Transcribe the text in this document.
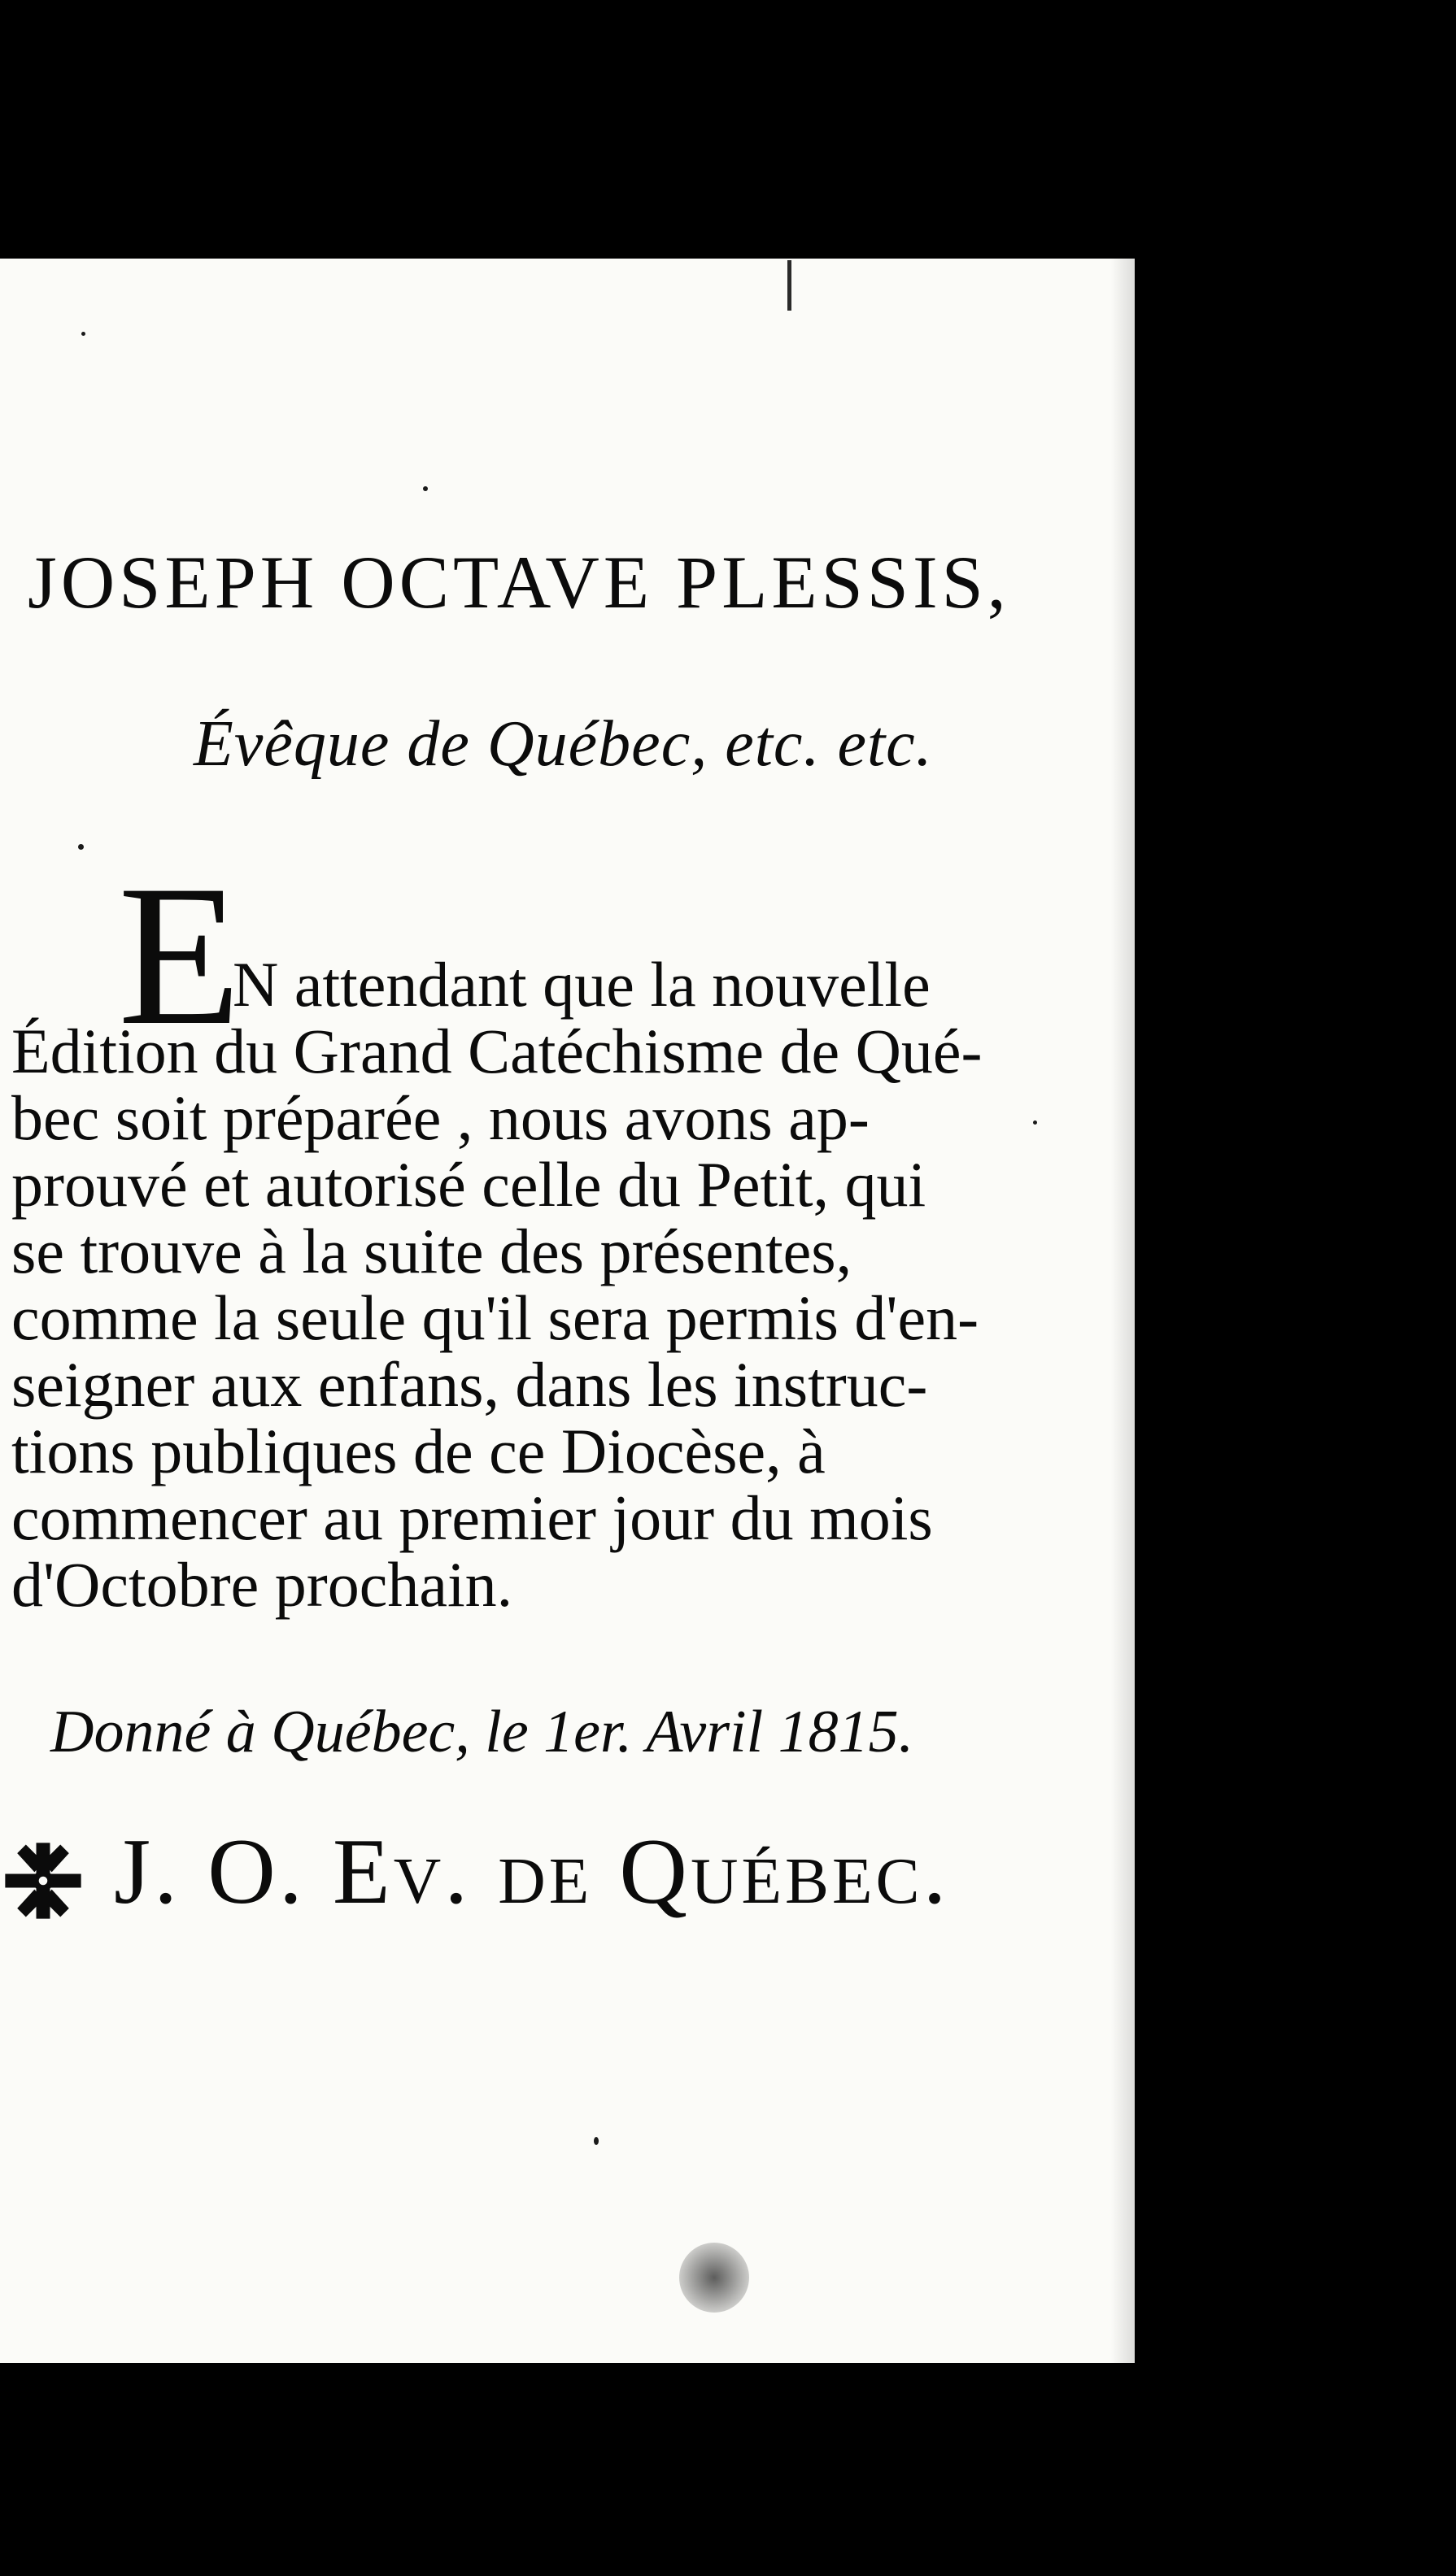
JOSEPH OCTAVE PLESSIS,
Évêque de Québec, etc. etc.
E
N attendant que la nouvelle
Édition du Grand Catéchisme de Qué-
bec soit préparée , nous avons ap-
prouvé et autorisé celle du Petit, qui
se trouve à la suite des présentes,
comme la seule qu'il sera permis d'en-
seigner aux enfans, dans les instruc-
tions publiques de ce Diocèse, à
commencer au premier jour du mois
d'Octobre prochain.
Donné à Québec, le 1er. Avril 1815.
J. O. Ev. de Québec.
